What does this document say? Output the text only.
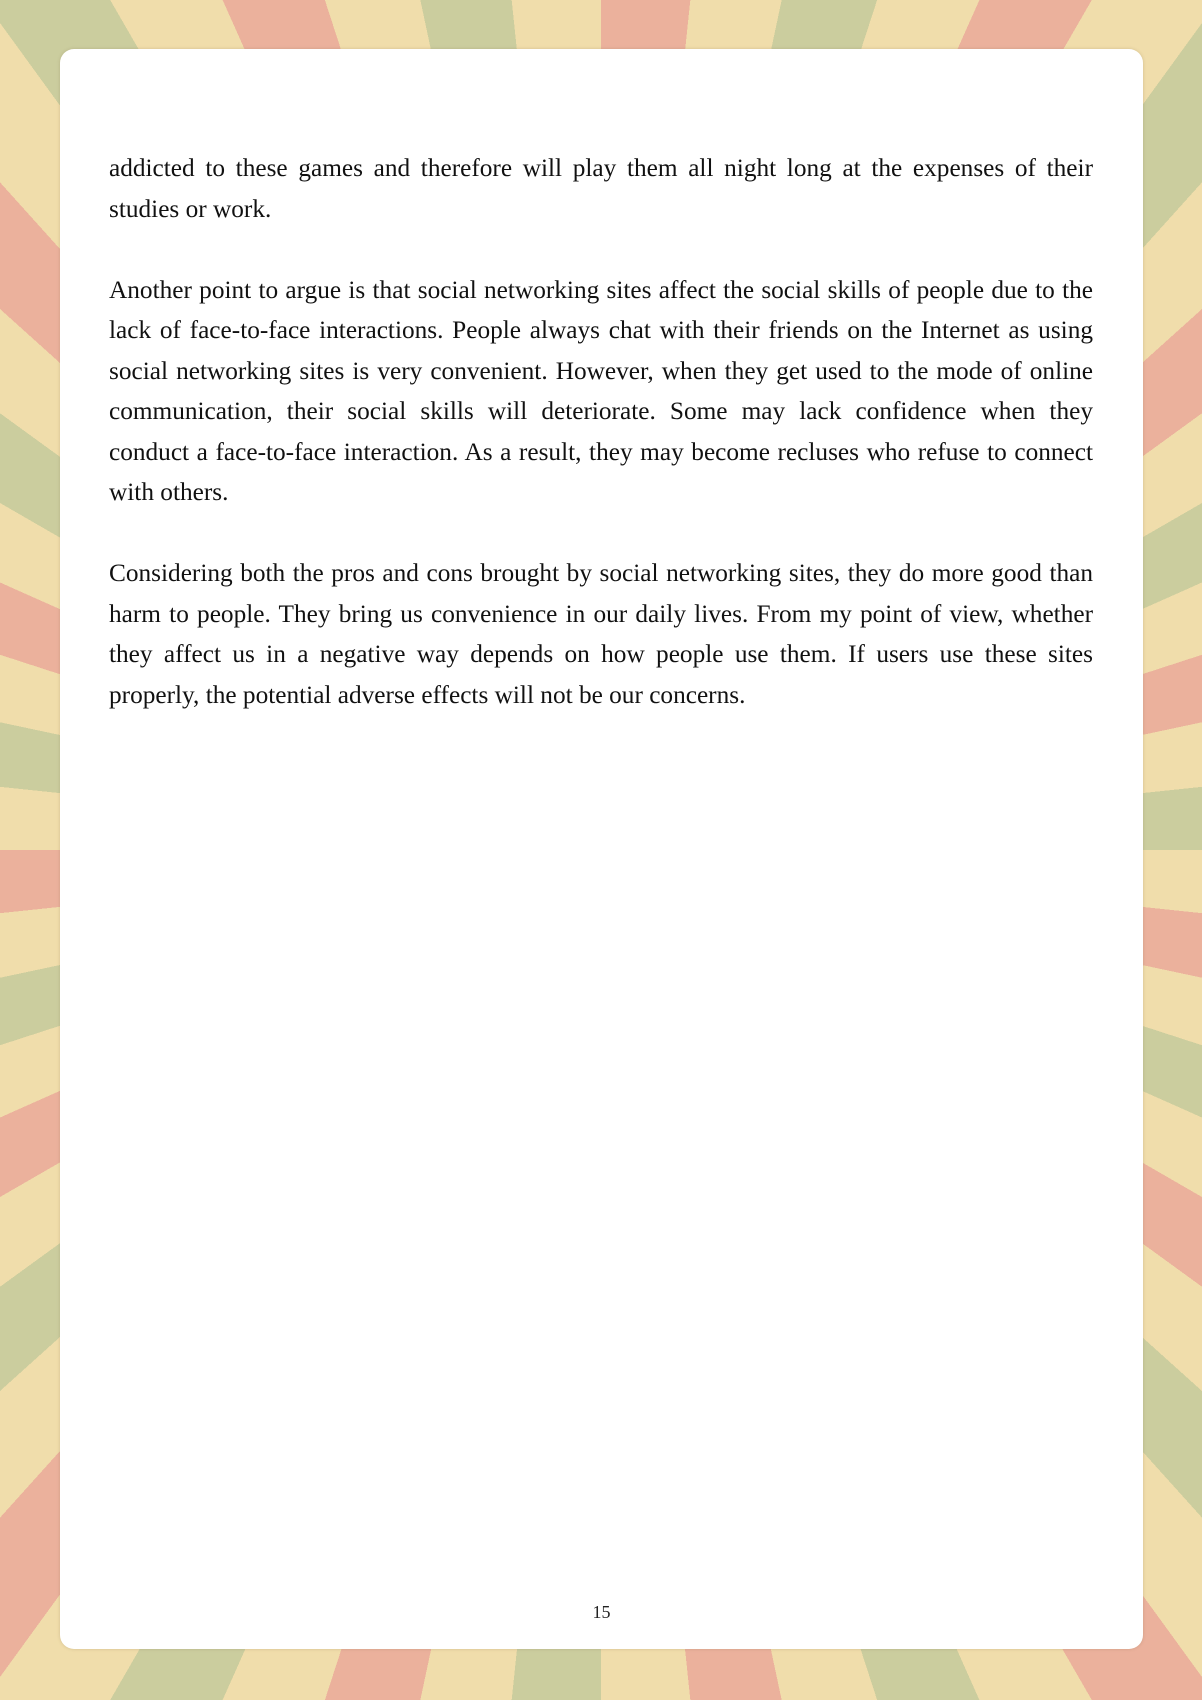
addicted to these games and therefore will play them all night long at the expenses of their studies or work.

Another point to argue is that social networking sites affect the social skills of people due to the lack of face-to-face interactions. People always chat with their friends on the Internet as using social networking sites is very convenient. However, when they get used to the mode of online communication, their social skills will deteriorate. Some may lack confidence when they conduct a face-to-face interaction. As a result, they may become recluses who refuse to connect with others.

Considering both the pros and cons brought by social networking sites, they do more good than harm to people. They bring us convenience in our daily lives. From my point of view, whether they affect us in a negative way depends on how people use them. If users use these sites properly, the potential adverse effects will not be our concerns.

15
